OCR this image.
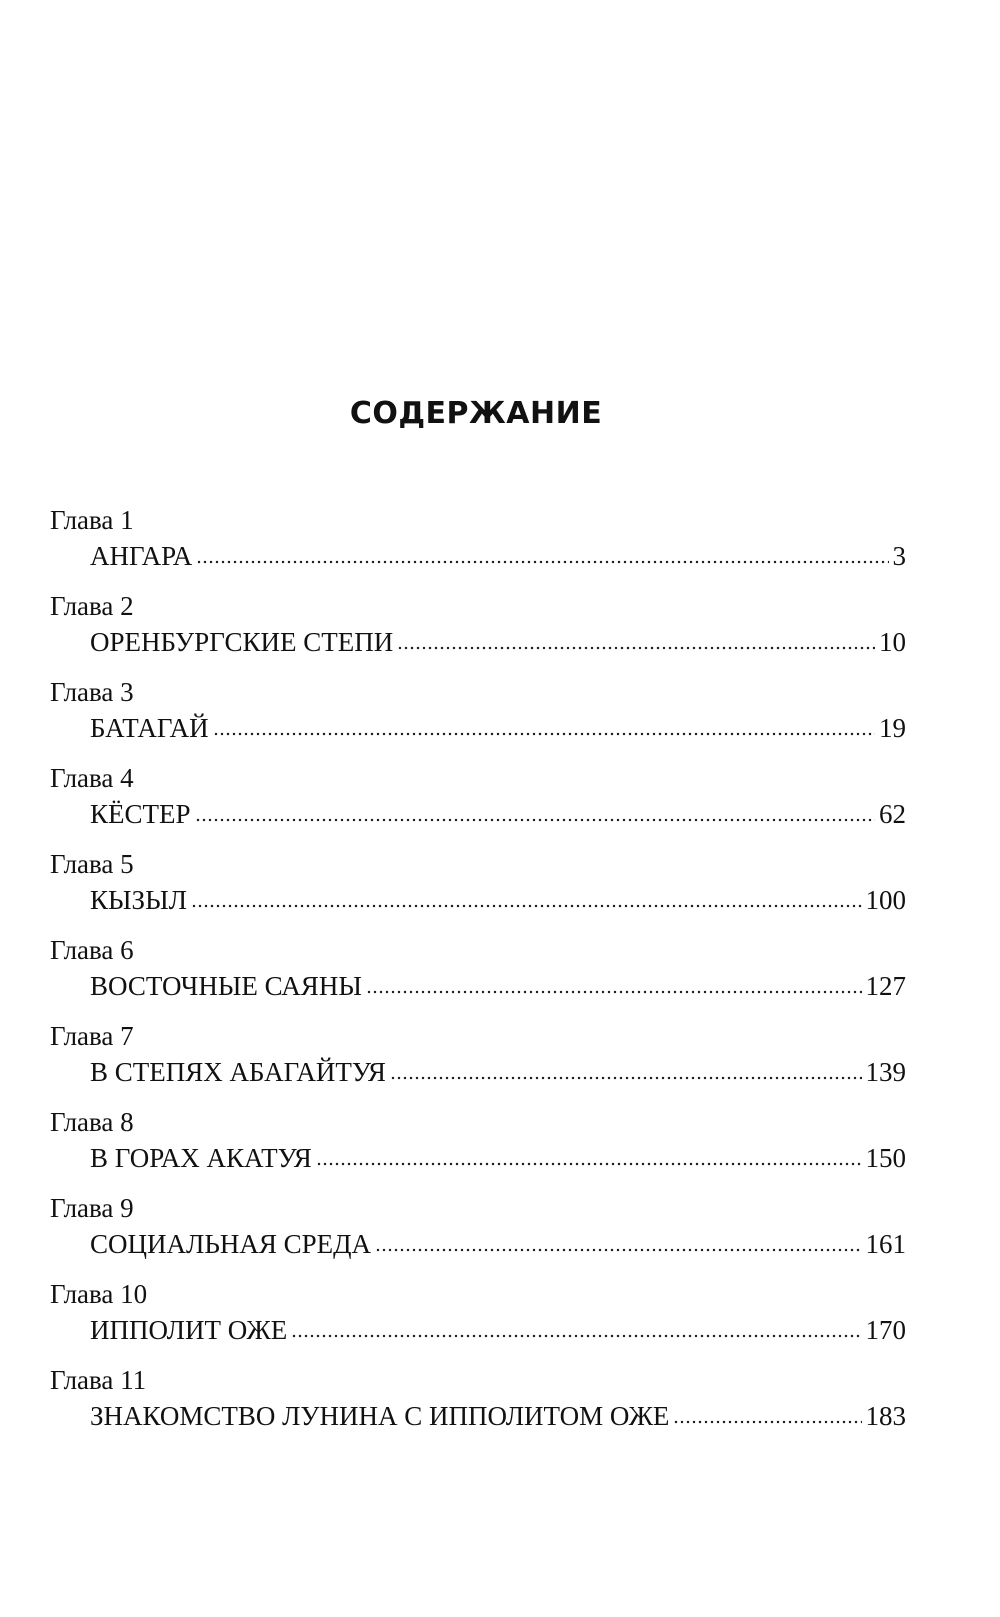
СОДЕРЖАНИЕ
Глава 1
АНГАРА	3
Глава 2
ОРЕНБУРГСКИЕ СТЕПИ	10
Глава 3
БАТАГАЙ	19
Глава 4
КЁСТЕР	62
Глава 5
КЫЗЫЛ	100
Глава 6
ВОСТОЧНЫЕ САЯНЫ	127
Глава 7
В СТЕПЯХ АБАГАЙТУЯ	139
Глава 8
В ГОРАХ АКАТУЯ	150
Глава 9
СОЦИАЛЬНАЯ СРЕДА	161
Глава 10
ИППОЛИТ ОЖЕ	170
Глава 11
ЗНАКОМСТВО ЛУНИНА С ИППОЛИТОМ ОЖЕ	183
